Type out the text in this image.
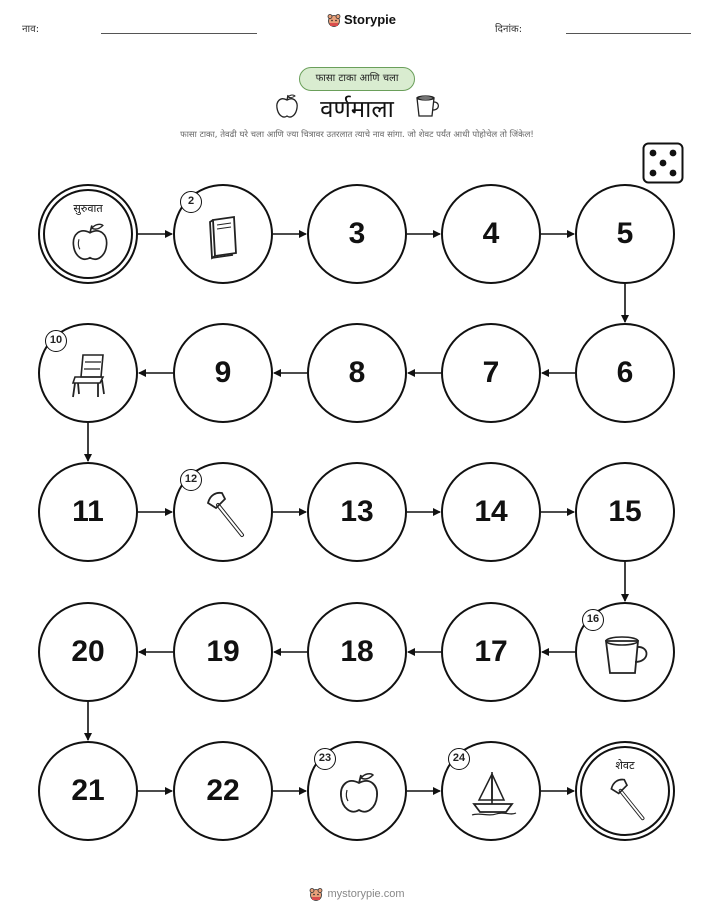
नाव:
Storypie
दिनांक:
फासा टाका आणि चला
वर्णमाला
फासा टाका, तेवढी घरे चला आणि ज्या चित्रावर उतरलात त्याचे नाव सांगा. जो शेवट पर्यंत आधी पोहोचेल तो जिंकेल!
सुरुवात
2
3	4	5
6
7
8
9
10
11
12
13	14	15
16
17
18
19
20
21	22
23	24
शेवट
mystorypie.com
